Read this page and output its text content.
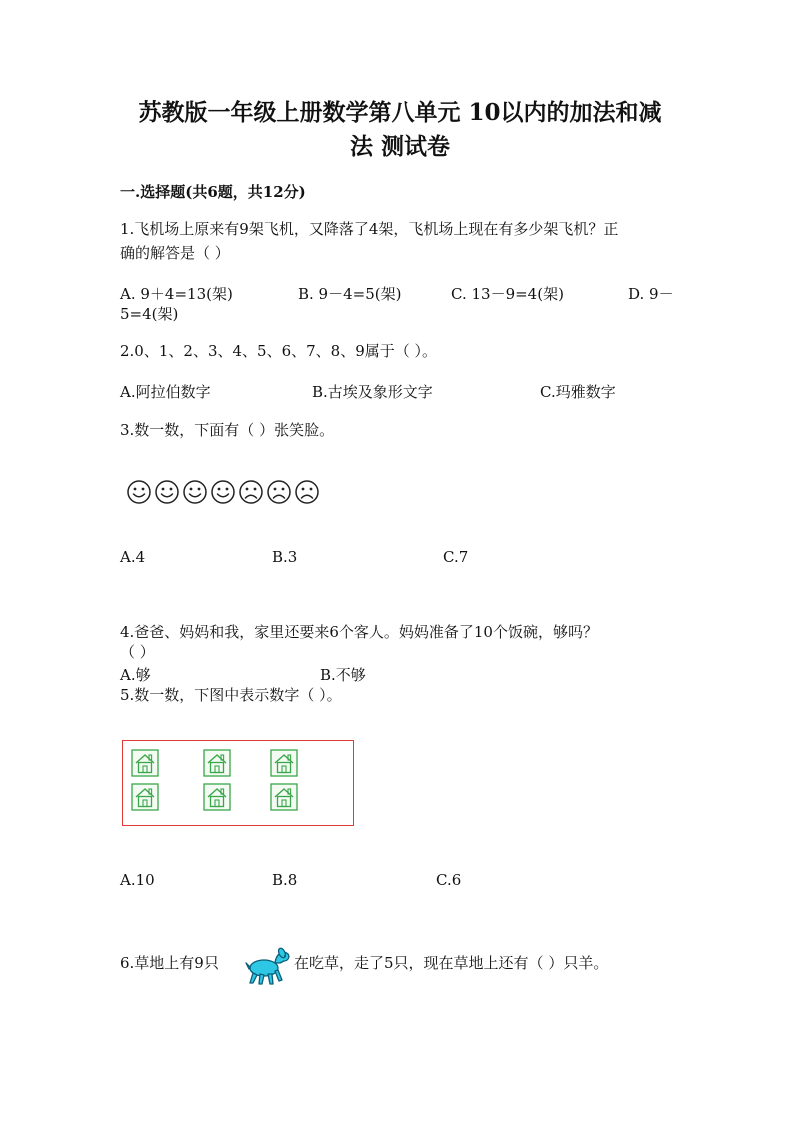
苏教版一年级上册数学第八单元 10以内的加法和减
法 测试卷
一.选择题(共6题，共12分)
1.飞机场上原来有9架飞机，又降落了4架，飞机场上现在有多少架飞机？正
确的解答是（ ）
A. 9＋4=13(架)	B. 9－4=5(架)	C. 13－9=4(架)	D. 9－
5=4(架)
2.0、1、2、3、4、5、6、7、8、9属于（ ）。
A.阿拉伯数字	B.古埃及象形文字	C.玛雅数字
3.数一数，下面有（ ）张笑脸。
A.4	B.3	C.7
4.爸爸、妈妈和我，家里还要来6个客人。妈妈准备了10个饭碗，够吗？
（ ）
A.够	B.不够
5.数一数，下图中表示数字（ ）。
A.10	B.8	C.6
6.草地上有9只	在吃草，走了5只，现在草地上还有（ ）只羊。
